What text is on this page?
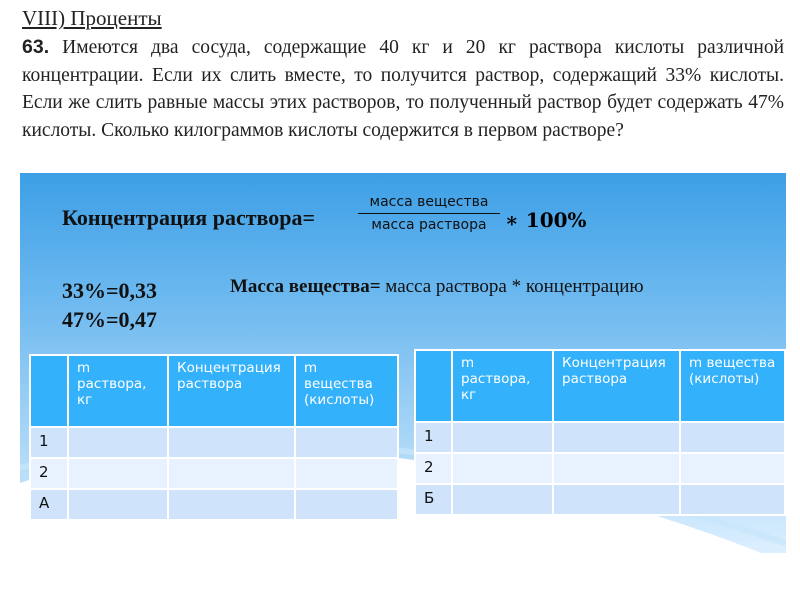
VIII) Проценты
63. Имеются два сосуда, содержащие 40 кг и 20 кг раствора кислоты различной концентрации. Если их слить вместе, то получится раствор, содержащий 33% кислоты. Если же слить равные массы этих растворов, то полученный раствор будет содержать 47% кислоты. Сколько килограммов кислоты содержится в первом растворе?
Концентрация раствора=
масса вещества
масса раствора ∗ 𝟏𝟎𝟎%
33%=0,33
47%=0,47
Масса вещества= масса раствора * концентрацию
	m раствора, кг	Концентрация раствора	m вещества (кислоты)
1			
2			
А			
	m раствора, кг	Концентрация раствора	m вещества (кислоты)
1			
2			
Б			
